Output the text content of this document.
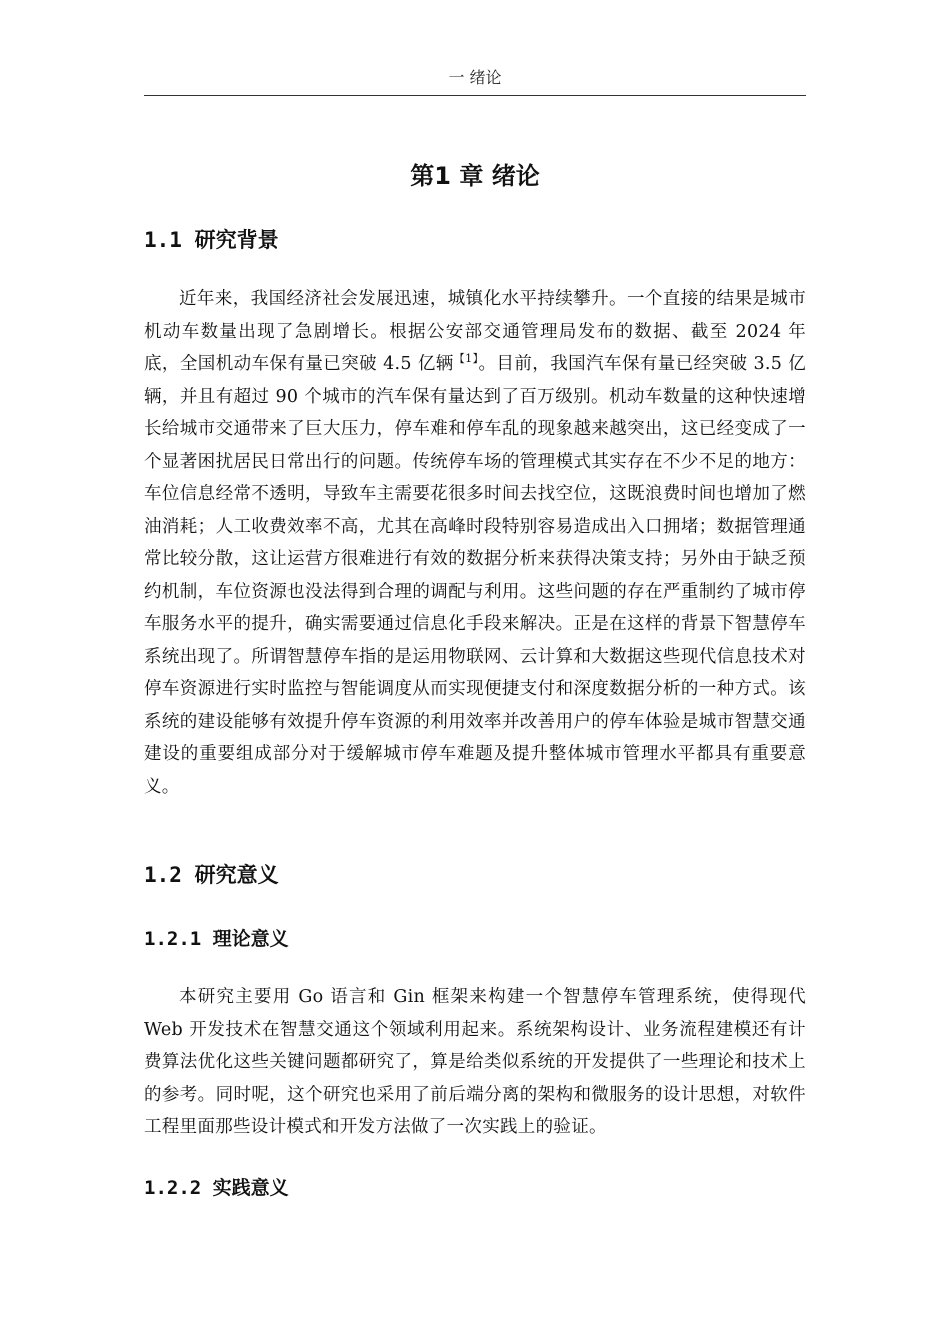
一 绪论
第1 章 绪论
1.1 研究背景

近年来，我国经济社会发展迅速，城镇化水平持续攀升。一个直接的结果是城市机动车数量出现了急剧增长。根据公安部交通管理局发布的数据、截至 2024 年底，全国机动车保有量已突破 4.5 亿辆$^{【1】}$。目前，我国汽车保有量已经突破 3.5 亿辆，并且有超过 90 个城市的汽车保有量达到了百万级别。机动车数量的这种快速增长给城市交通带来了巨大压力，停车难和停车乱的现象越来越突出，这已经变成了一个显著困扰居民日常出行的问题。传统停车场的管理模式其实存在不少不足的地方：车位信息经常不透明，导致车主需要花很多时间去找空位，这既浪费时间也增加了燃油消耗；人工收费效率不高，尤其在高峰时段特别容易造成出入口拥堵；数据管理通常比较分散，这让运营方很难进行有效的数据分析来获得决策支持；另外由于缺乏预约机制，车位资源也没法得到合理的调配与利用。这些问题的存在严重制约了城市停车服务水平的提升，确实需要通过信息化手段来解决。正是在这样的背景下智慧停车系统出现了。所谓智慧停车指的是运用物联网、云计算和大数据这些现代信息技术对停车资源进行实时监控与智能调度从而实现便捷支付和深度数据分析的一种方式。该系统的建设能够有效提升停车资源的利用效率并改善用户的停车体验是城市智慧交通建设的重要组成部分对于缓解城市停车难题及提升整体城市管理水平都具有重要意义。

1.2 研究意义
1.2.1 理论意义

本研究主要用 Go 语言和 Gin 框架来构建一个智慧停车管理系统，使得现代 Web 开发技术在智慧交通这个领域利用起来。系统架构设计、业务流程建模还有计费算法优化这些关键问题都研究了，算是给类似系统的开发提供了一些理论和技术上的参考。同时呢，这个研究也采用了前后端分离的架构和微服务的设计思想，对软件工程里面那些设计模式和开发方法做了一次实践上的验证。

1.2.2 实践意义
